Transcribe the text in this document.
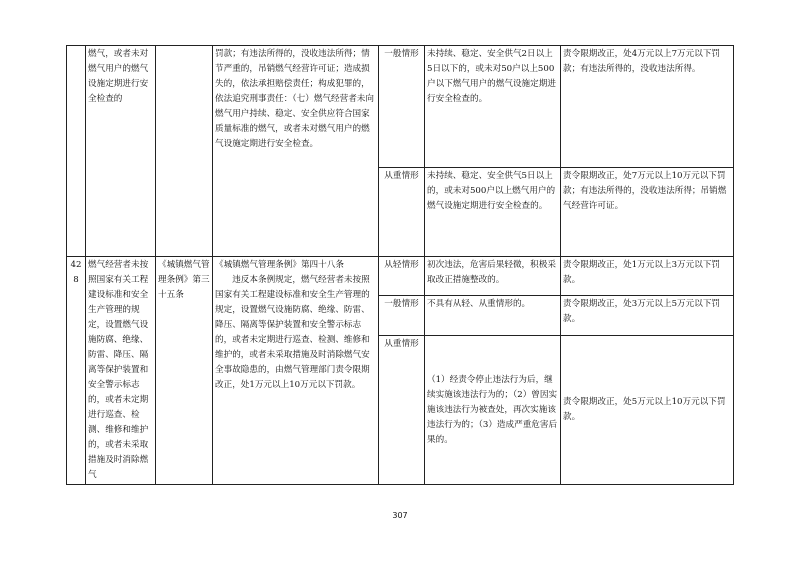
	燃气，或者未对燃气用户的燃气设施定期进行安全检查的		罚款；有违法所得的，没收违法所得；情节严重的，吊销燃气经营许可证；造成损失的，依法承担赔偿责任；构成犯罪的，依法追究刑事责任：（七）燃气经营者未向燃气用户持续、稳定、安全供应符合国家质量标准的燃气，或者未对燃气用户的燃气设施定期进行安全检查。	一般情形	未持续、稳定、安全供气2日以上5日以下的，或未对50户以上500户以下燃气用户的燃气设施定期进行安全检查的。	责令限期改正，处4万元以上7万元以下罚款；有违法所得的，没收违法所得。
				从重情形	未持续、稳定、安全供气5日以上的，或未对500户以上燃气用户的燃气设施定期进行安全检查的。	责令限期改正，处7万元以上10万元以下罚款；有违法所得的，没收违法所得；吊销燃气经营许可证。
428	燃气经营者未按照国家有关工程建设标准和安全生产管理的规定，设置燃气设施防腐、绝缘、防雷、降压、隔离等保护装置和安全警示标志的，或者未定期进行巡查、检测、维修和维护的，或者未采取措施及时消除燃气	《城镇燃气管理条例》第三十五条	《城镇燃气管理条例》第四十八条
违反本条例规定，燃气经营者未按照国家有关工程建设标准和安全生产管理的规定，设置燃气设施防腐、绝缘、防雷、降压、隔离等保护装置和安全警示标志的，或者未定期进行巡查、检测、维修和维护的，或者未采取措施及时消除燃气安全事故隐患的，由燃气管理部门责令限期改正，处1万元以上10万元以下罚款。	从轻情形	初次违法，危害后果轻微，积极采取改正措施整改的。	责令限期改正，处1万元以上3万元以下罚款。
				一般情形	不具有从轻、从重情形的。	责令限期改正，处3万元以上5万元以下罚款。
				从重情形	（1）经责令停止违法行为后，继续实施该违法行为的；（2）曾因实施该违法行为被查处，再次实施该违法行为的；（3）造成严重危害后果的。	责令限期改正，处5万元以上10万元以下罚款。
307
